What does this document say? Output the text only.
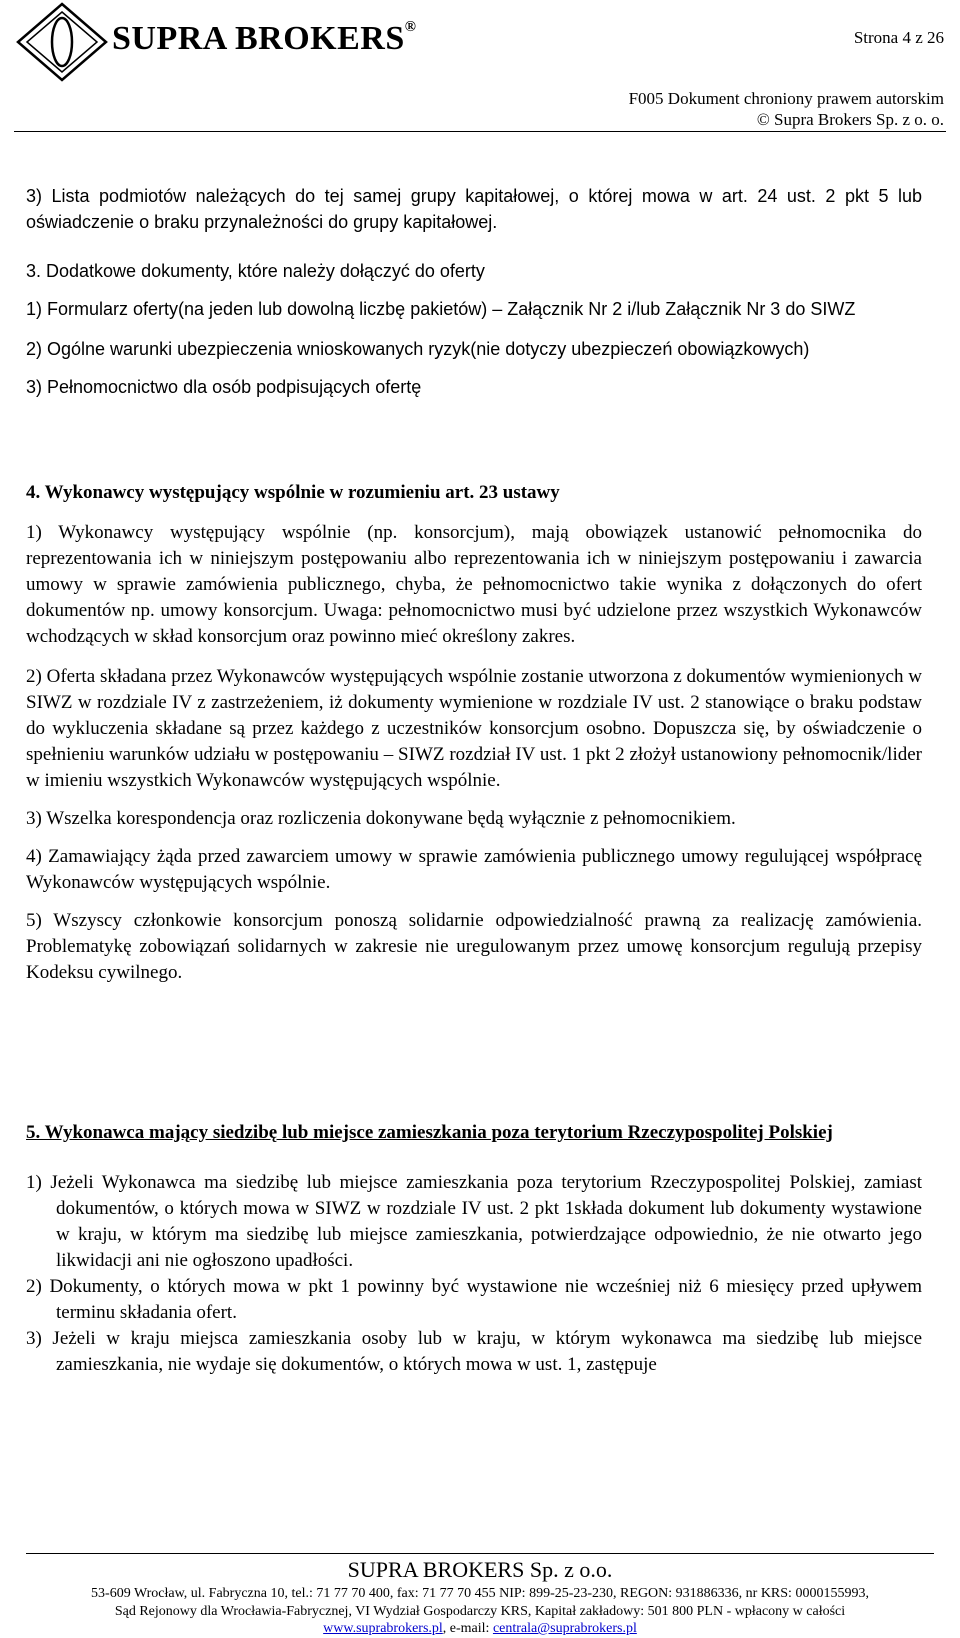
SUPRA BROKERS®
Strona 4 z 26
F005 Dokument chroniony prawem autorskim
© Supra Brokers Sp. z o. o.

3) Lista podmiotów należących do tej samej grupy kapitałowej, o której mowa w art. 24 ust. 2 pkt 5 lub oświadczenie o braku przynależności do grupy kapitałowej.

3. Dodatkowe dokumenty, które należy dołączyć do oferty

1) Formularz oferty(na jeden lub dowolną liczbę pakietów) – Załącznik Nr 2 i/lub Załącznik Nr 3 do SIWZ

2) Ogólne warunki ubezpieczenia wnioskowanych ryzyk(nie dotyczy ubezpieczeń obowiązkowych)

3) Pełnomocnictwo dla osób podpisujących ofertę

4. Wykonawcy występujący wspólnie w rozumieniu art. 23 ustawy

1) Wykonawcy występujący wspólnie (np. konsorcjum), mają obowiązek ustanowić pełnomocnika do reprezentowania ich w niniejszym postępowaniu albo reprezentowania ich w niniejszym postępowaniu i zawarcia umowy w sprawie zamówienia publicznego, chyba, że pełnomocnictwo takie wynika z dołączonych do ofert dokumentów np. umowy konsorcjum. Uwaga: pełnomocnictwo musi być udzielone przez wszystkich Wykonawców wchodzących w skład konsorcjum oraz powinno mieć określony zakres.

2) Oferta składana przez Wykonawców występujących wspólnie zostanie utworzona z dokumentów wymienionych w SIWZ w rozdziale IV z zastrzeżeniem, iż dokumenty wymienione w rozdziale IV ust. 2 stanowiące o braku podstaw do wykluczenia składane są przez każdego z uczestników konsorcjum osobno. Dopuszcza się, by oświadczenie o spełnieniu warunków udziału w postępowaniu – SIWZ rozdział IV ust. 1 pkt 2 złożył ustanowiony pełnomocnik/lider w imieniu wszystkich Wykonawców występujących wspólnie.

3) Wszelka korespondencja oraz rozliczenia dokonywane będą wyłącznie z pełnomocnikiem.

4) Zamawiający żąda przed zawarciem umowy w sprawie zamówienia publicznego umowy regulującej współpracę Wykonawców występujących wspólnie.

5) Wszyscy członkowie konsorcjum ponoszą solidarnie odpowiedzialność prawną za realizację zamówienia. Problematykę zobowiązań solidarnych w zakresie nie uregulowanym przez umowę konsorcjum regulują przepisy Kodeksu cywilnego.

5. Wykonawca mający siedzibę lub miejsce zamieszkania poza terytorium Rzeczypospolitej Polskiej

1) Jeżeli Wykonawca ma siedzibę lub miejsce zamieszkania poza terytorium Rzeczypospolitej Polskiej, zamiast dokumentów, o których mowa w SIWZ w rozdziale IV ust. 2 pkt 1składa dokument lub dokumenty wystawione w kraju, w którym ma siedzibę lub miejsce zamieszkania, potwierdzające odpowiednio, że nie otwarto jego likwidacji ani nie ogłoszono upadłości.

2) Dokumenty, o których mowa w pkt 1 powinny być wystawione nie wcześniej niż 6 miesięcy przed upływem terminu składania ofert.

3) Jeżeli w kraju miejsca zamieszkania osoby lub w kraju, w którym wykonawca ma siedzibę lub miejsce zamieszkania, nie wydaje się dokumentów, o których mowa w ust. 1, zastępuje

SUPRA BROKERS Sp. z o.o.
53-609 Wrocław, ul. Fabryczna 10, tel.: 71 77 70 400, fax: 71 77 70 455 NIP: 899-25-23-230, REGON: 931886336, nr KRS: 0000155993,
Sąd Rejonowy dla Wrocławia-Fabrycznej, VI Wydział Gospodarczy KRS, Kapitał zakładowy: 501 800 PLN - wpłacony w całości
www.suprabrokers.pl, e-mail: centrala@suprabrokers.pl
